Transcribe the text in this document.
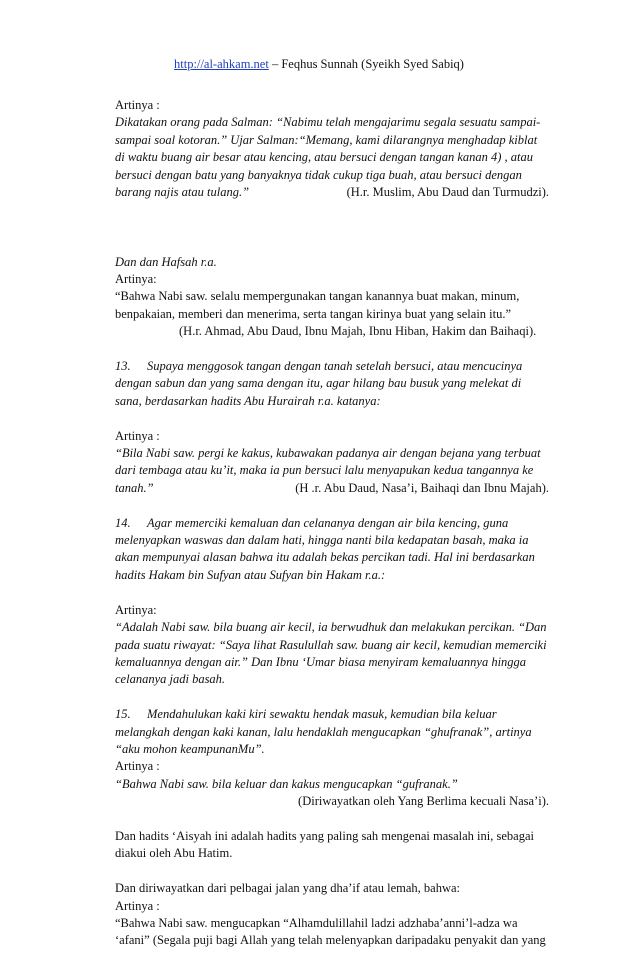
http://al-ahkam.net – Feqhus Sunnah (Syeikh Syed Sabiq)

Artinya :
Dikatakan orang pada Salman: “Nabimu telah mengajarimu segala sesuatu sampai-
sampai soal kotoran.” Ujar Salman:“Memang, kami dilarangnya menghadap kiblat
di waktu buang air besar atau kencing, atau bersuci dengan tangan kanan 4) , atau
bersuci dengan batu yang banyaknya tidak cukup tiga buah, atau bersuci dengan
barang najis atau tulang.”	(H.r. Muslim, Abu Daud dan Turmudzi).

Dan dan Hafsah r.a.
Artinya:
“Bahwa Nabi saw. selalu mempergunakan tangan kanannya buat makan, minum,
benpakaian, memberi dan menerima, serta tangan kirinya buat yang selain itu.”
(H.r. Ahmad, Abu Daud, Ibnu Majah, Ibnu Hiban, Hakim dan Baihaqi).

13. Supaya menggosok tangan dengan tanah setelah bersuci, atau mencucinya
dengan sabun dan yang sama dengan itu, agar hilang bau busuk yang melekat di
sana, berdasarkan hadits Abu Hurairah r.a. katanya:

Artinya :
“Bila Nabi saw. pergi ke kakus, kubawakan padanya air dengan bejana yang terbuat
dari tembaga atau ku’it, maka ia pun bersuci lalu menyapukan kedua tangannya ke
tanah.”	(H .r. Abu Daud, Nasa’i, Baihaqi dan Ibnu Majah).

14. Agar memerciki kemaluan dan celananya dengan air bila kencing, guna
melenyapkan waswas dan dalam hati, hingga nanti bila kedapatan basah, maka ia
akan mempunyai alasan bahwa itu adalah bekas percikan tadi. Hal ini berdasarkan
hadits Hakam bin Sufyan atau Sufyan bin Hakam r.a.:

Artinya:
“Adalah Nabi saw. bila buang air kecil, ia berwudhuk dan melakukan percikan. “Dan
pada suatu riwayat: “Saya lihat Rasulullah saw. buang air kecil, kemudian memerciki
kemaluannya dengan air.” Dan Ibnu ‘Umar biasa menyiram kemaluannya hingga
celananya jadi basah.

15. Mendahulukan kaki kiri sewaktu hendak masuk, kemudian bila keluar
melangkah dengan kaki kanan, lalu hendaklah mengucapkan “ghufranak”, artinya
“aku mohon keampunanMu”.
Artinya :
“Bahwa Nabi saw. bila keluar dan kakus mengucapkan “gufranak.”
(Diriwayatkan oleh Yang Berlima kecuali Nasa’i).

Dan hadits ‘Aisyah ini adalah hadits yang paling sah mengenai masalah ini, sebagai
diakui oleh Abu Hatim.

Dan diriwayatkan dari pelbagai jalan yang dha’if atau lemah, bahwa:
Artinya :
“Bahwa Nabi saw. mengucapkan “Alhamdulillahil ladzi adzhaba’anni’l-adza wa
‘afani” (Segala puji bagi Allah yang telah melenyapkan daripadaku penyakit dan yang
